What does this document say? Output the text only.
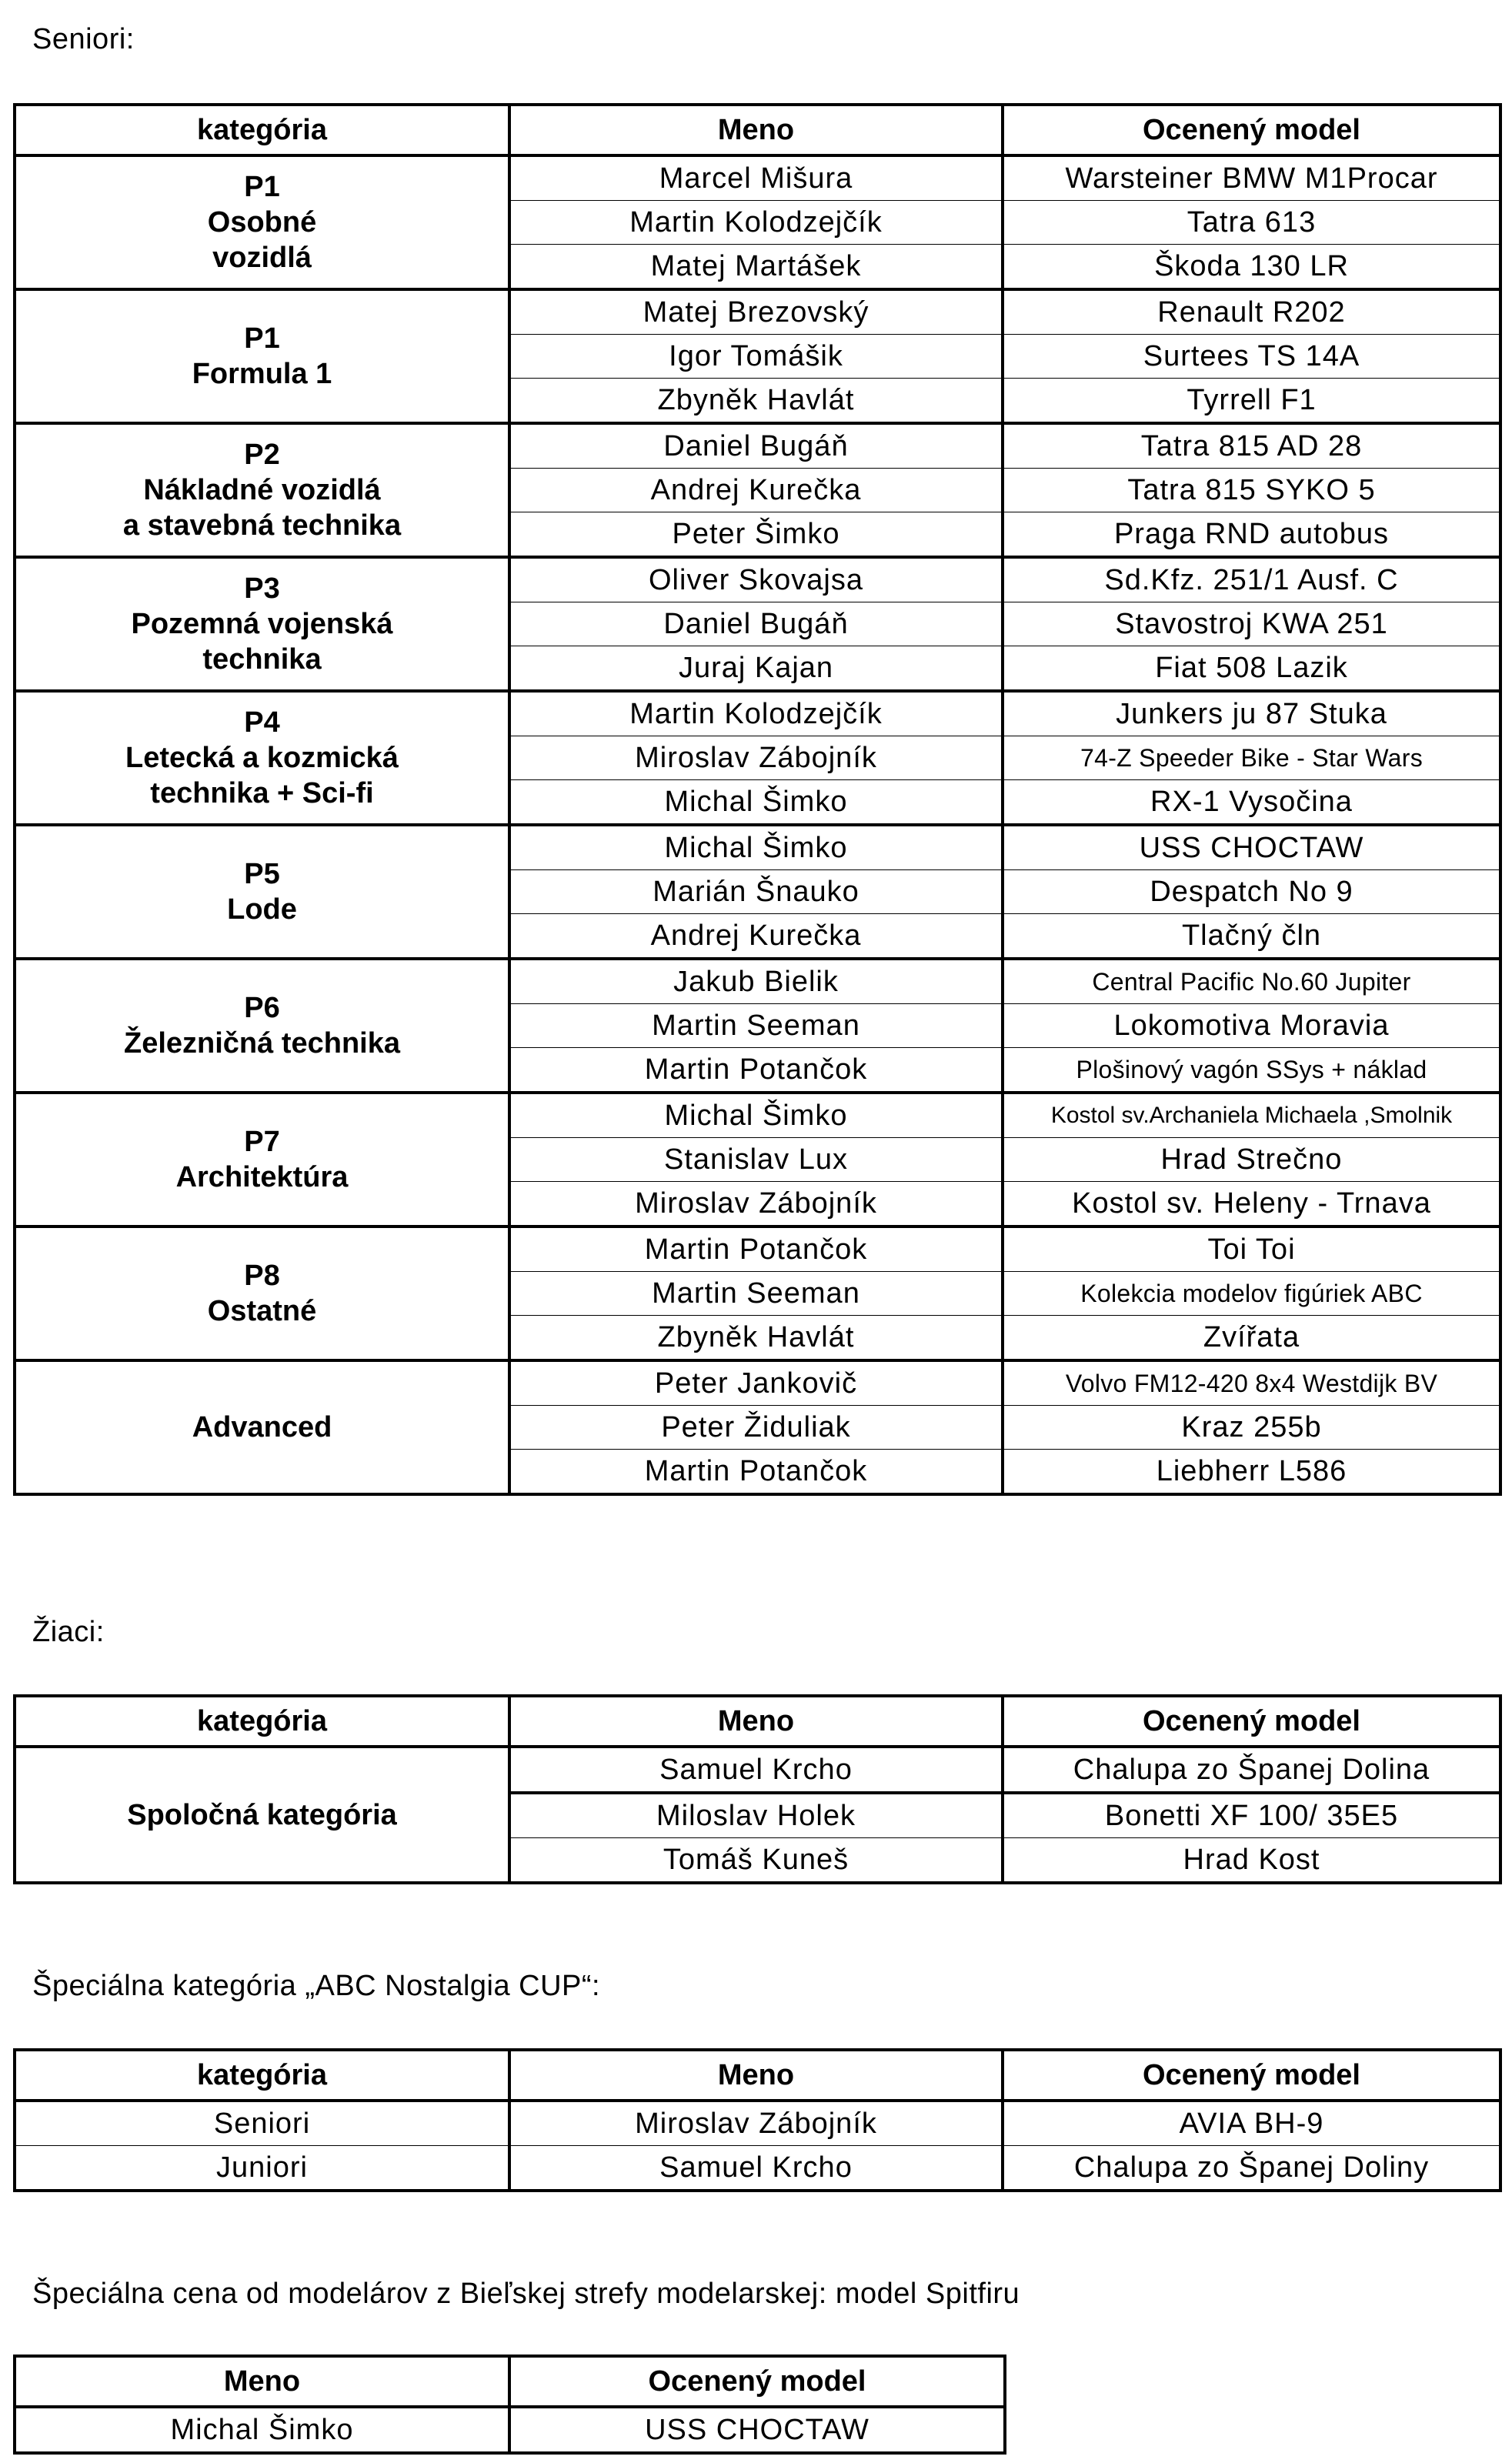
Seniori:
kategória	Meno	Ocenený model

P1
Osobné
vozidlá	Marcel Mišura	Warsteiner BMW M1Procar
	Martin Kolodzejčík	Tatra 613
	Matej Martášek	Škoda 130 LR

P1
Formula 1	Matej Brezovský	Renault R202
	Igor Tomášik	Surtees TS 14A
	Zbyněk Havlát	Tyrrell F1

P2
Nákladné vozidlá
a stavebná technika	Daniel Bugáň	Tatra 815 AD 28
	Andrej Kurečka	Tatra 815 SYKO 5
	Peter Šimko	Praga RND autobus

P3
Pozemná vojenská
technika	Oliver Skovajsa	Sd.Kfz. 251/1 Ausf. C
	Daniel Bugáň	Stavostroj KWA 251
	Juraj Kajan	Fiat 508 Lazik

P4
Letecká a kozmická
technika + Sci-fi	Martin Kolodzejčík	Junkers ju 87 Stuka
	Miroslav Zábojník	74-Z Speeder Bike - Star Wars
	Michal Šimko	RX-1 Vysočina

P5
Lode	Michal Šimko	USS CHOCTAW
	Marián Šnauko	Despatch No 9
	Andrej Kurečka	Tlačný čln

P6
Železničná technika	Jakub Bielik	Central Pacific No.60 Jupiter
	Martin Seeman	Lokomotiva Moravia
	Martin Potančok	Plošinový vagón SSys + náklad

P7
Architektúra	Michal Šimko	Kostol sv.Archaniela Michaela ,Smolnik
	Stanislav Lux	Hrad Strečno
	Miroslav Zábojník	Kostol sv. Heleny - Trnava

P8
Ostatné	Martin Potančok	Toi Toi
	Martin Seeman	Kolekcia modelov figúriek ABC
	Zbyněk Havlát	Zvířata

Advanced	Peter Jankovič	Volvo FM12-420 8x4 Westdijk BV
	Peter Židuliak	Kraz 255b
	Martin Potančok	Liebherr L586
Žiaci:
kategória	Meno	Ocenený model
Spoločná kategória	Samuel Krcho	Chalupa zo Španej Dolina
	Miloslav Holek	Bonetti XF 100/ 35E5
	Tomáš Kuneš	Hrad Kost
Špeciálna kategória „ABC Nostalgia CUP“:
kategória	Meno	Ocenený model
Seniori	Miroslav Zábojník	AVIA BH-9
Juniori	Samuel Krcho	Chalupa zo Španej Doliny
Špeciálna cena od modelárov z Bieľskej strefy modelarskej: model Spitfiru
Meno	Ocenený model
Michal Šimko	USS CHOCTAW
